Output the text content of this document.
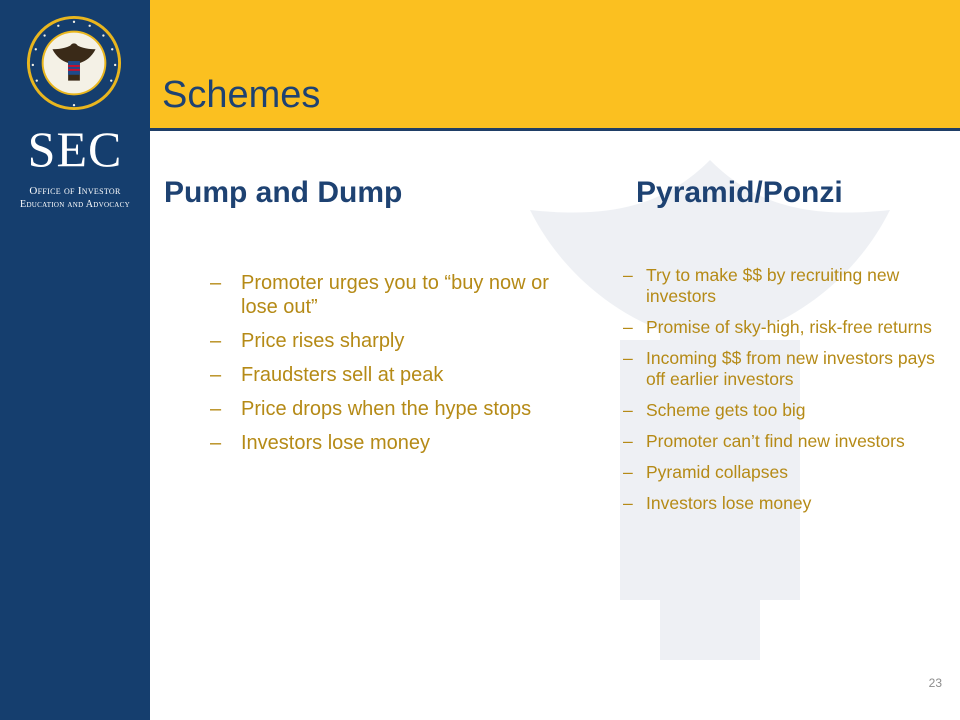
SEC
Office of Investor
Education and Advocacy
Schemes
Pump and Dump	Pyramid/Ponzi
– Promoter urges you to “buy now or lose out”
– Price rises sharply
– Fraudsters sell at peak
– Price drops when the hype stops
– Investors lose money
– Try to make $$ by recruiting new investors
– Promise of sky-high, risk-free returns
– Incoming $$ from new investors pays off earlier investors
– Scheme gets too big
– Promoter can’t find new investors
– Pyramid collapses
– Investors lose money
23
